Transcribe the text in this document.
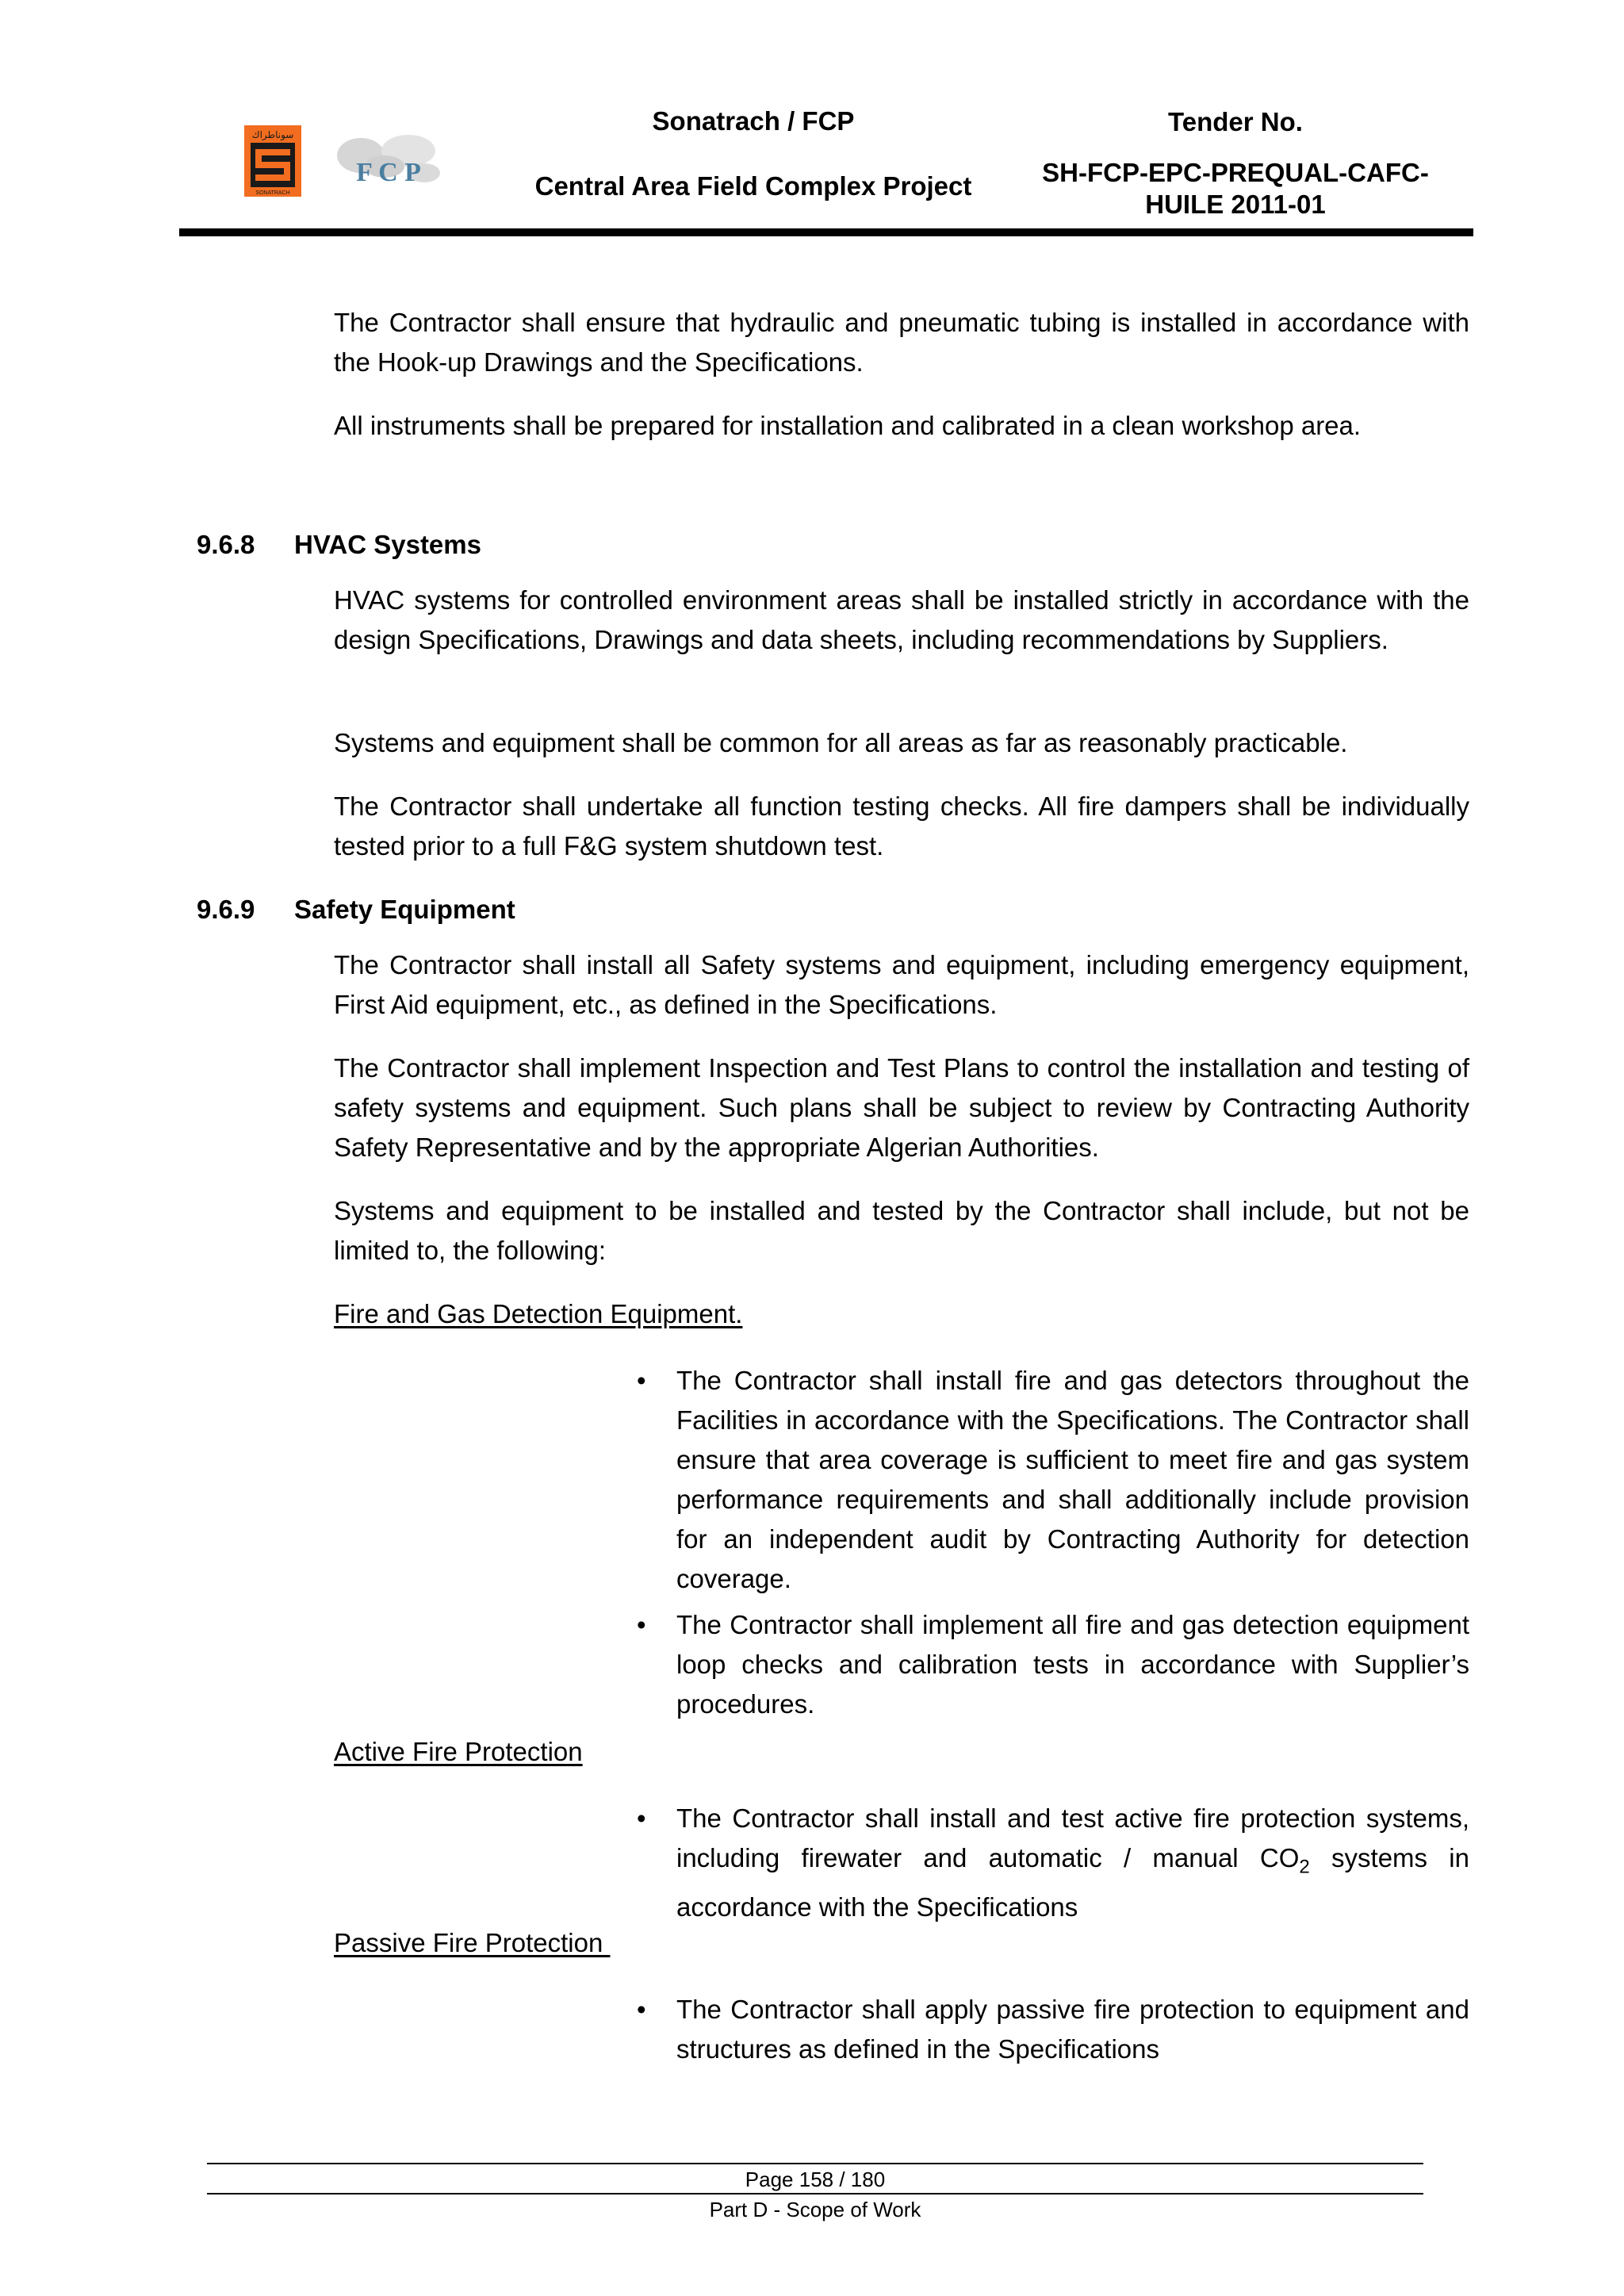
سوناطراك
SONATRACH
F C P
Sonatrach / FCP
Central Area Field Complex Project
Tender No.
SH-FCP-EPC-PREQUAL-CAFC-
HUILE 2011-01
The Contractor shall ensure that hydraulic and pneumatic tubing is installed in accordance with the Hook-up Drawings and the Specifications.
All instruments shall be prepared for installation and calibrated in a clean workshop area.
9.6.8 HVAC Systems
HVAC systems for controlled environment areas shall be installed strictly in accordance with the design Specifications, Drawings and data sheets, including recommendations by Suppliers.
Systems and equipment shall be common for all areas as far as reasonably practicable.
The Contractor shall undertake all function testing checks. All fire dampers shall be individually tested prior to a full F&G system shutdown test.
9.6.9 Safety Equipment
The Contractor shall install all Safety systems and equipment, including emergency equipment, First Aid equipment, etc., as defined in the Specifications.
The Contractor shall implement Inspection and Test Plans to control the installation and testing of safety systems and equipment. Such plans shall be subject to review by Contracting Authority Safety Representative and by the appropriate Algerian Authorities.
Systems and equipment to be installed and tested by the Contractor shall include, but not be limited to, the following:
Fire and Gas Detection Equipment.
• The Contractor shall install fire and gas detectors throughout the Facilities in accordance with the Specifications. The Contractor shall ensure that area coverage is sufficient to meet fire and gas system performance requirements and shall additionally include provision for an independent audit by Contracting Authority for detection coverage.
• The Contractor shall implement all fire and gas detection equipment loop checks and calibration tests in accordance with Supplier’s procedures.
Active Fire Protection
• The Contractor shall install and test active fire protection systems, including firewater and automatic / manual $CO_2$ systems in accordance with the Specifications
Passive Fire Protection
• The Contractor shall apply passive fire protection to equipment and structures as defined in the Specifications
Page 158 / 180
Part D - Scope of Work
